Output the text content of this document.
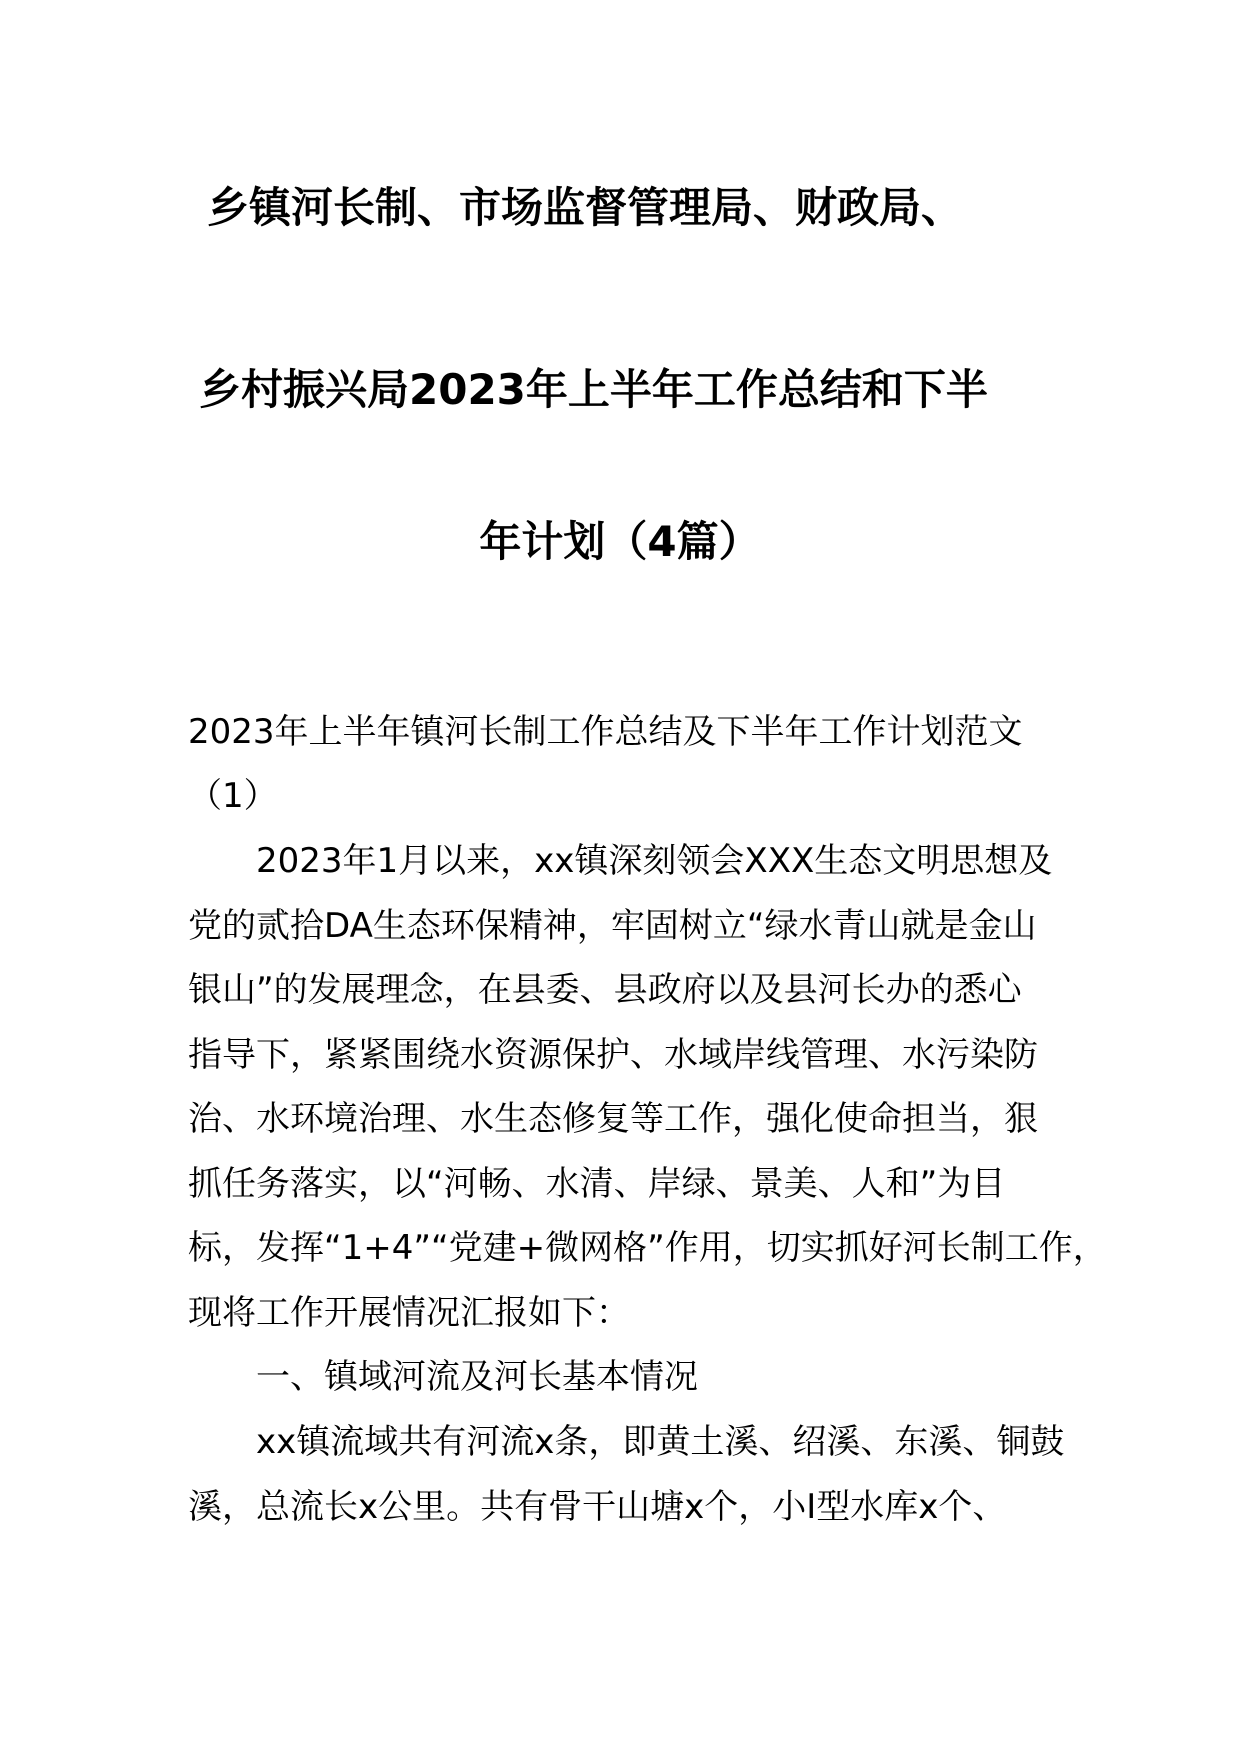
乡镇河长制、市场监督管理局、财政局、
乡村振兴局2023年上半年工作总结和下半
年计划（4篇）
2023年上半年镇河长制工作总结及下半年工作计划范文
（1）
2023年1月以来，xx镇深刻领会XXX生态文明思想及
党的贰拾DA生态环保精神，牢固树立“绿水青山就是金山
银山”的发展理念，在县委、县政府以及县河长办的悉心
指导下，紧紧围绕水资源保护、水域岸线管理、水污染防
治、水环境治理、水生态修复等工作，强化使命担当，狠
抓任务落实，以“河畅、水清、岸绿、景美、人和”为目
标，发挥“1+4”“党建+微网格”作用，切实抓好河长制工作，
现将工作开展情况汇报如下：
一、镇域河流及河长基本情况
xx镇流域共有河流x条，即黄土溪、绍溪、东溪、铜鼓
溪，总流长x公里。共有骨干山塘x个，小Ⅰ型水库x个、
